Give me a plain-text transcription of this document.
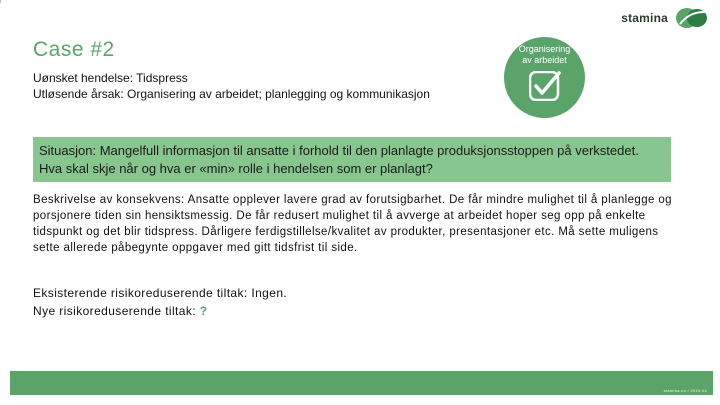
stamina
Case #2
Uønsket hendelse: Tidspress
Utløsende årsak: Organisering av arbeidet; planlegging og kommunikasjon
Organisering
av arbeidet
Situasjon: Mangelfull informasjon til ansatte i forhold til den planlagte produksjonsstoppen på verkstedet. Hva skal skje når og hva er «min» rolle i hendelsen som er planlagt?
Beskrivelse av konsekvens: Ansatte opplever lavere grad av forutsigbarhet. De får mindre mulighet til å planlegge og porsjonere tiden sin hensiktsmessig. De får redusert mulighet til å avverge at arbeidet hoper seg opp på enkelte tidspunkt og det blir tidspress. Dårligere ferdigstillelse/kvalitet av produkter, presentasjoner etc. Må sette muligens sette allerede påbegynte oppgaver med gitt tidsfrist til side.
Eksisterende risikoreduserende tiltak: Ingen.
Nye risikoreduserende tiltak: ?
stamina.no / 2019.04
